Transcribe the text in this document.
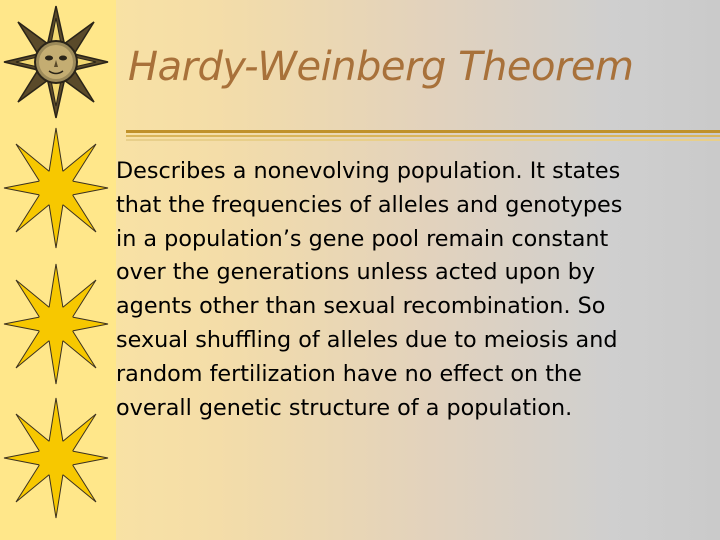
Hardy-Weinberg Theorem

Describes a nonevolving population. It states
that the frequencies of alleles and genotypes
in a population’s gene pool remain constant
over the generations unless acted upon by
agents other than sexual recombination. So
sexual shuffling of alleles due to meiosis and
random fertilization have no effect on the
overall genetic structure of a population.
